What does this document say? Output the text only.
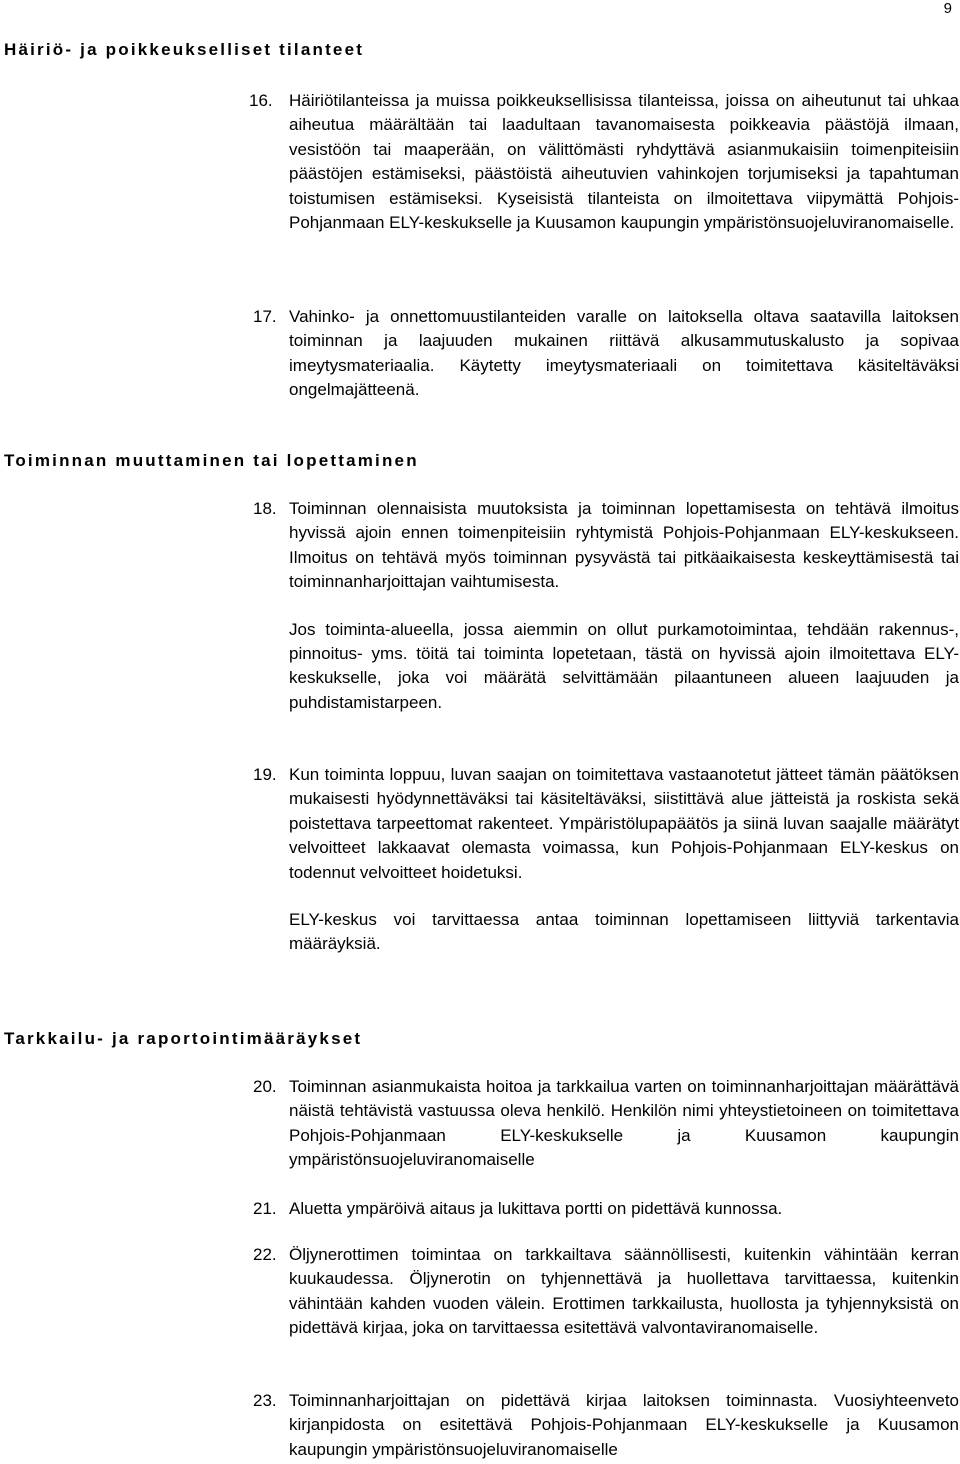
9
Häiriö- ja poikkeukselliset tilanteet
16. Häiriötilanteissa ja muissa poikkeuksellisissa tilanteissa, joissa on aiheutunut tai uhkaa aiheutua määrältään tai laadultaan tavanomaisesta poikkeavia päästöjä ilmaan, vesistöön tai maaperään, on välittömästi ryhdyttävä asianmukaisiin toimenpiteisiin päästöjen estämiseksi, päästöistä aiheutuvien vahinkojen torjumiseksi ja tapahtuman toistumisen estämiseksi. Kyseisistä tilanteista on ilmoitettava viipymättä Pohjois-Pohjanmaan ELY-keskukselle ja Kuusamon kaupungin ympäristönsuojeluviranomaiselle.

17. Vahinko- ja onnettomuustilanteiden varalle on laitoksella oltava saatavilla laitoksen toiminnan ja laajuuden mukainen riittävä alkusammutuskalusto ja sopivaa imeytysmateriaalia. Käytetty imeytysmateriaali on toimitettava käsiteltäväksi ongelmajätteenä.

Toiminnan muuttaminen tai lopettaminen
18. Toiminnan olennaisista muutoksista ja toiminnan lopettamisesta on tehtävä ilmoitus hyvissä ajoin ennen toimenpiteisiin ryhtymistä Pohjois-Pohjanmaan ELY-keskukseen. Ilmoitus on tehtävä myös toiminnan pysyvästä tai pitkäaikaisesta keskeyttämisestä tai toiminnanharjoittajan vaihtumisesta.

Jos toiminta-alueella, jossa aiemmin on ollut purkamotoimintaa, tehdään rakennus-, pinnoitus- yms. töitä tai toiminta lopetetaan, tästä on hyvissä ajoin ilmoitettava ELY-keskukselle, joka voi määrätä selvittämään pilaantuneen alueen laajuuden ja puhdistamistarpeen.

19. Kun toiminta loppuu, luvan saajan on toimitettava vastaanotetut jätteet tämän päätöksen mukaisesti hyödynnettäväksi tai käsiteltäväksi, siistittävä alue jätteistä ja roskista sekä poistettava tarpeettomat rakenteet. Ympäristölupapäätös ja siinä luvan saajalle määrätyt velvoitteet lakkaavat olemasta voimassa, kun Pohjois-Pohjanmaan ELY-keskus on todennut velvoitteet hoidetuksi.

ELY-keskus voi tarvittaessa antaa toiminnan lopettamiseen liittyviä tarkentavia määräyksiä.

Tarkkailu- ja raportointimääräykset
20. Toiminnan asianmukaista hoitoa ja tarkkailua varten on toiminnanharjoittajan määrättävä näistä tehtävistä vastuussa oleva henkilö. Henkilön nimi yhteystietoineen on toimitettava Pohjois-Pohjanmaan ELY-keskukselle ja Kuusamon kaupungin ympäristönsuojeluviranomaiselle

21. Aluetta ympäröivä aitaus ja lukittava portti on pidettävä kunnossa.

22. Öljynerottimen toimintaa on tarkkailtava säännöllisesti, kuitenkin vähintään kerran kuukaudessa. Öljynerotin on tyhjennettävä ja huollettava tarvittaessa, kuitenkin vähintään kahden vuoden välein. Erottimen tarkkailusta, huollosta ja tyhjennyksistä on pidettävä kirjaa, joka on tarvittaessa esitettävä valvontaviranomaiselle.

23. Toiminnanharjoittajan on pidettävä kirjaa laitoksen toiminnasta. Vuosiyhteenveto kirjanpidosta on esitettävä Pohjois-Pohjanmaan ELY-keskukselle ja Kuusamon kaupungin ympäristönsuojeluviranomaiselle
